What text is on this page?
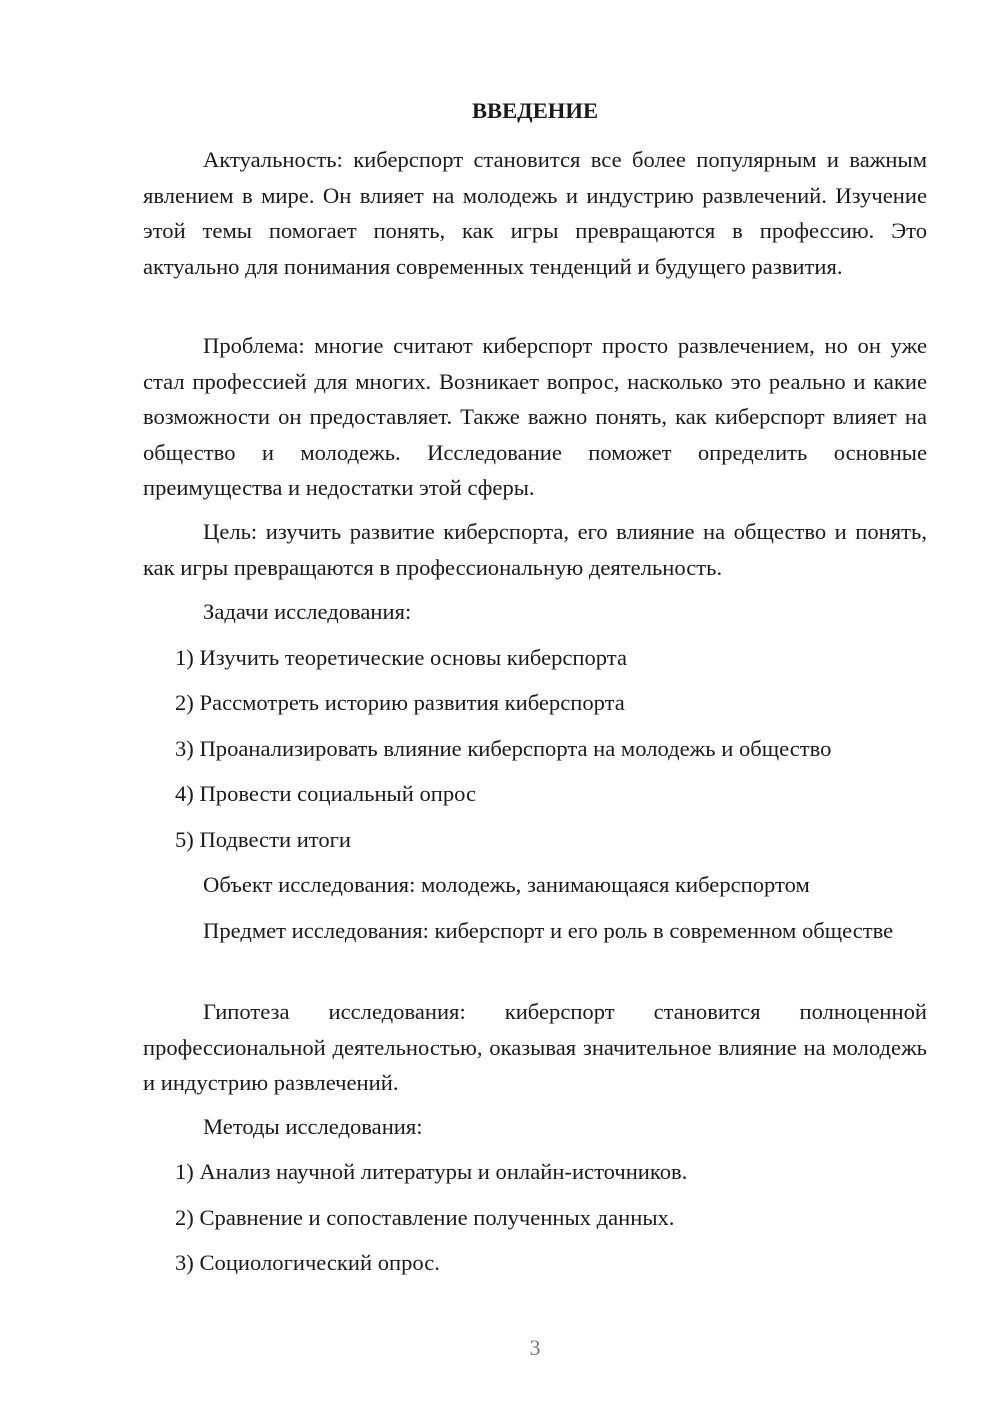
ВВЕДЕНИЕ

Актуальность: киберспорт становится все более популярным и важным явлением в мире. Он влияет на молодежь и индустрию развлечений. Изучение этой темы помогает понять, как игры превращаются в профессию. Это актуально для понимания современных тенденций и будущего развития.

Проблема: многие считают киберспорт просто развлечением, но он уже стал профессией для многих. Возникает вопрос, насколько это реально и какие возможности он предоставляет. Также важно понять, как киберспорт влияет на общество и молодежь. Исследование поможет определить основные преимущества и недостатки этой сферы.

Цель: изучить развитие киберспорта, его влияние на общество и понять, как игры превращаются в профессиональную деятельность.

Задачи исследования:
1) Изучить теоретические основы киберспорта
2) Рассмотреть историю развития киберспорта
3) Проанализировать влияние киберспорта на молодежь и общество
4) Провести социальный опрос
5) Подвести итоги
Объект исследования: молодежь, занимающаяся киберспортом

Предмет исследования: киберспорт и его роль в современном обществе

Гипотеза исследования: киберспорт становится полноценной профессиональной деятельностью, оказывая значительное влияние на молодежь и индустрию развлечений.

Методы исследования:
1) Анализ научной литературы и онлайн-источников.
2) Сравнение и сопоставление полученных данных.
3) Социологический опрос.
3
